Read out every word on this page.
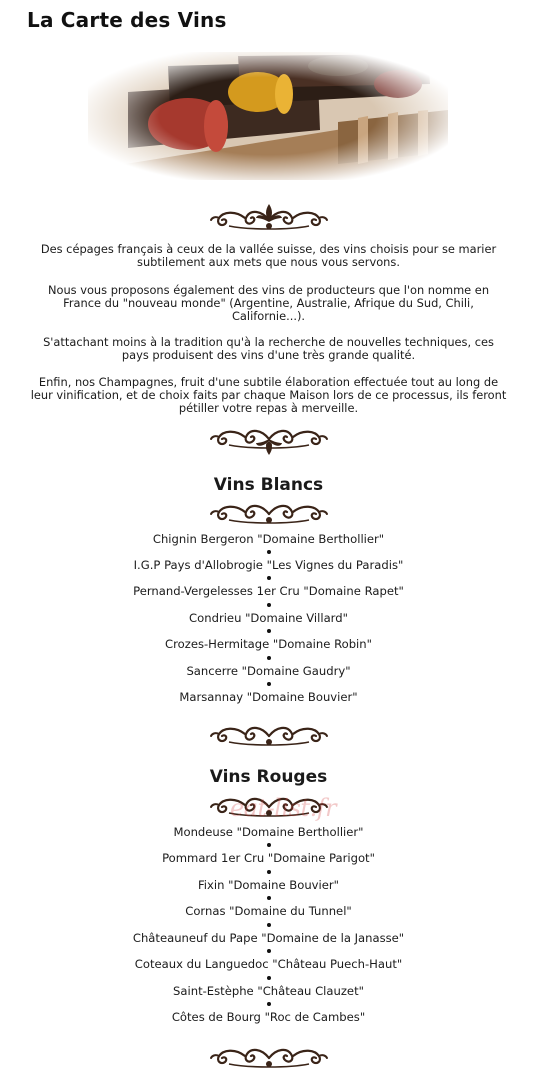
La Carte des Vins
Des cépages français à ceux de la vallée suisse, des vins choisis pour se marier subtilement aux mets que nous vous servons.
Nous vous proposons également des vins de producteurs que l'on nomme en France du "nouveau monde" (Argentine, Australie, Afrique du Sud, Chili, Californie...).
S'attachant moins à la tradition qu'à la recherche de nouvelles techniques, ces pays produisent des vins d'une très grande qualité.
Enfin, nos Champagnes, fruit d'une subtile élaboration effectuée tout au long de leur vinification, et de choix faits par chaque Maison lors de ce processus, ils feront pétiller votre repas à merveille.
Vins Blancs
Chignin Bergeron "Domaine Berthollier"
I.G.P Pays d'Allobrogie "Les Vignes du Paradis"
Pernand-Vergelesses 1er Cru "Domaine Rapet"
Condrieu "Domaine Villard"
Crozes-Hermitage "Domaine Robin"
Sancerre "Domaine Gaudry"
Marsannay "Domaine Bouvier"
Vins Rouges
eat-list.fr
Mondeuse "Domaine Berthollier"
Pommard 1er Cru "Domaine Parigot"
Fixin "Domaine Bouvier"
Cornas "Domaine du Tunnel"
Châteauneuf du Pape "Domaine de la Janasse"
Coteaux du Languedoc "Château Puech-Haut"
Saint-Estèphe "Château Clauzet"
Côtes de Bourg "Roc de Cambes"
